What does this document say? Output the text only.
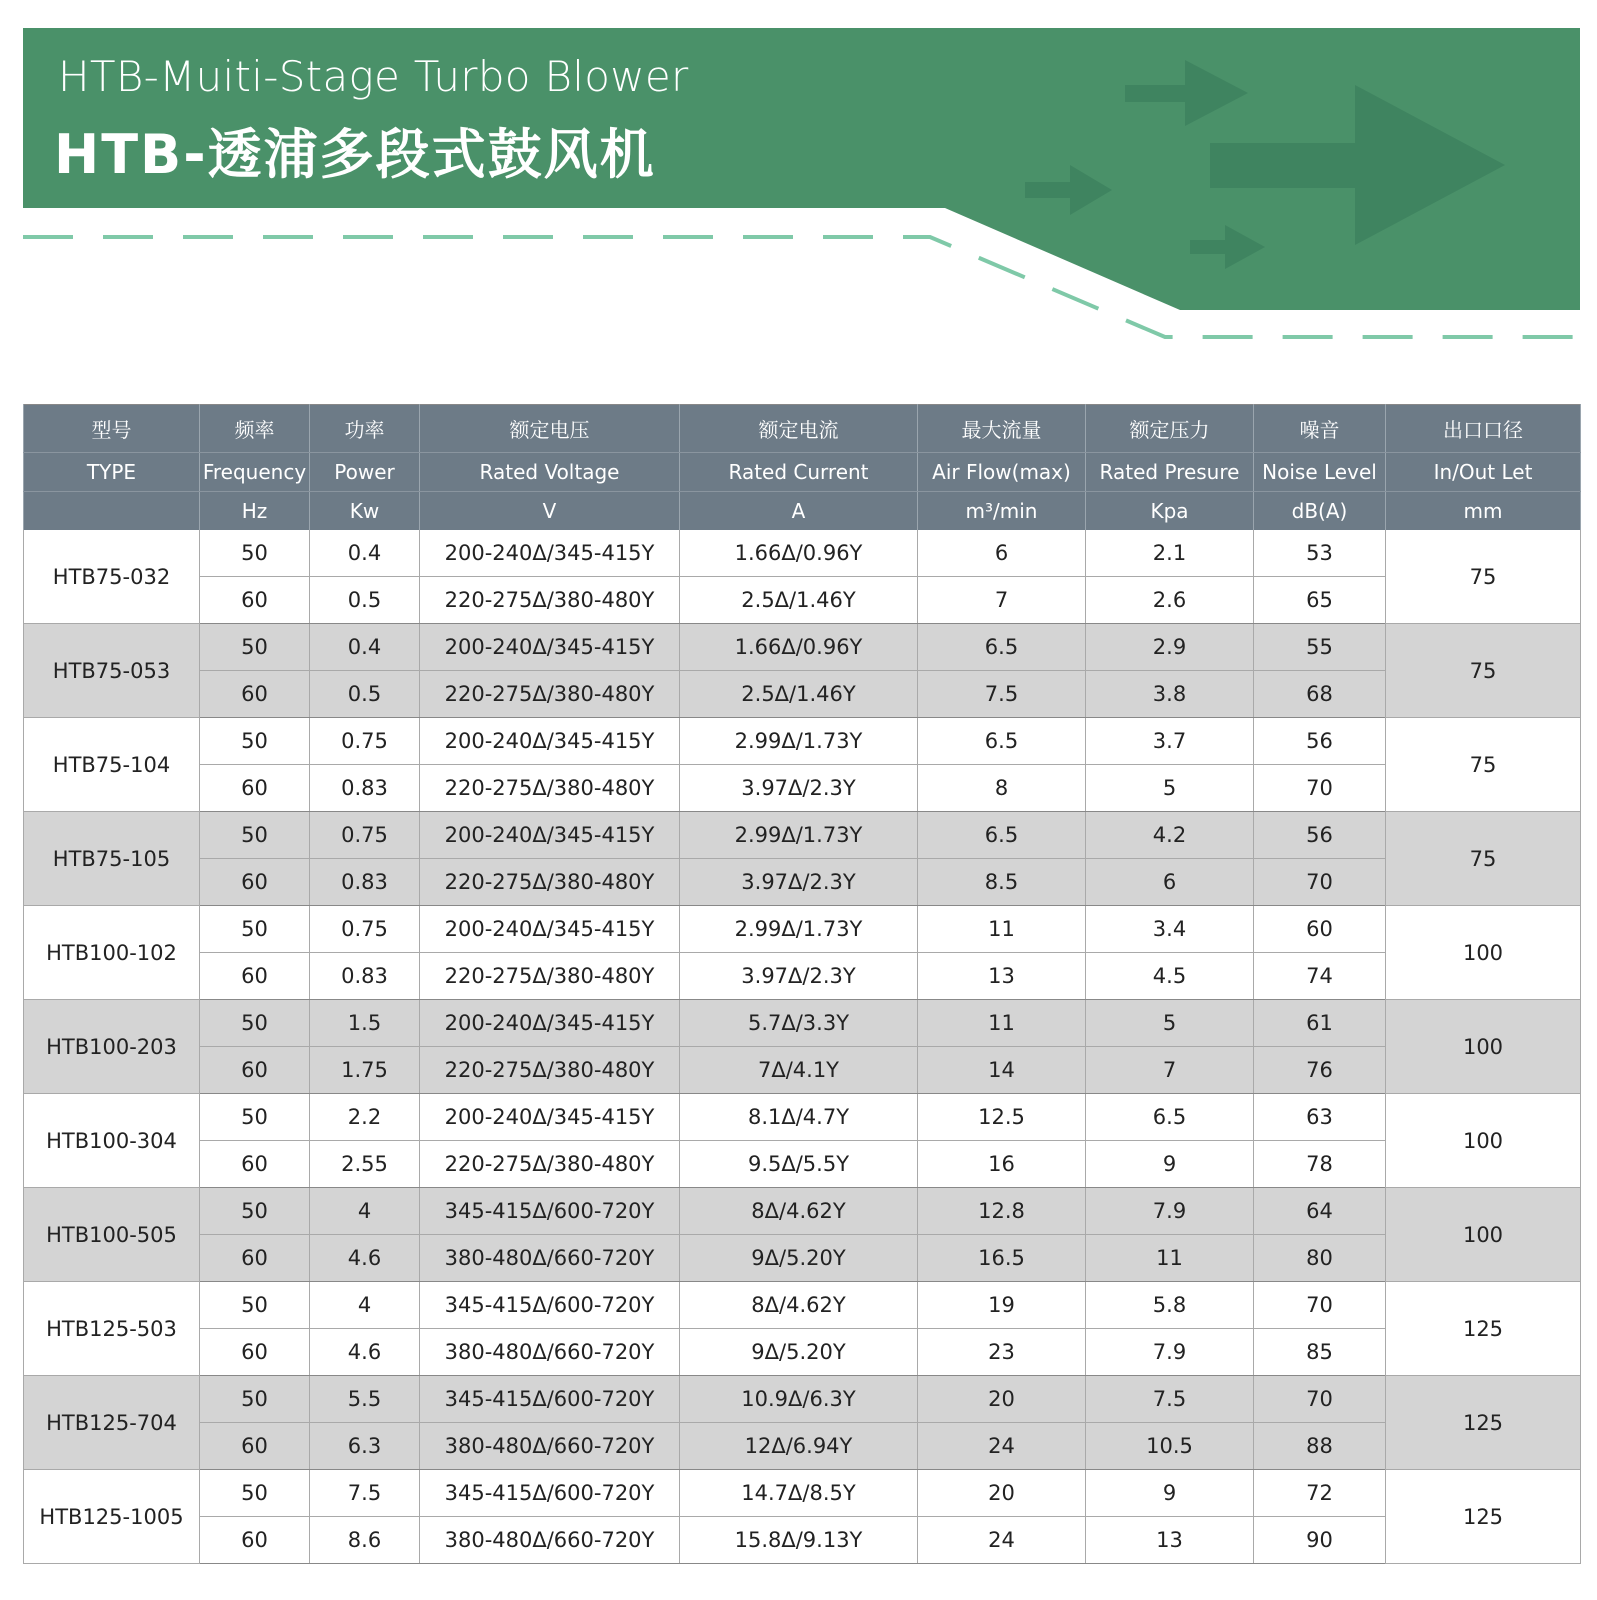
HTB-Muiti-Stage Turbo Blower
HTB-透浦多段式鼓风机
型号	频率	功率	额定电压	额定电流	最大流量	额定压力	噪音	出口口径
TYPE	Frequency	Power	Rated Voltage	Rated Current	Air Flow(max)	Rated Presure	Noise Level	In/Out Let
	Hz	Kw	V	A	m³/min	Kpa	dB(A)	mm
HTB75-032	50	0.4	200-240Δ/345-415Y	1.66Δ/0.96Y	6	2.1	53	75
	60	0.5	220-275Δ/380-480Y	2.5Δ/1.46Y	7	2.6	65	
HTB75-053	50	0.4	200-240Δ/345-415Y	1.66Δ/0.96Y	6.5	2.9	55	75
	60	0.5	220-275Δ/380-480Y	2.5Δ/1.46Y	7.5	3.8	68	
HTB75-104	50	0.75	200-240Δ/345-415Y	2.99Δ/1.73Y	6.5	3.7	56	75
	60	0.83	220-275Δ/380-480Y	3.97Δ/2.3Y	8	5	70	
HTB75-105	50	0.75	200-240Δ/345-415Y	2.99Δ/1.73Y	6.5	4.2	56	75
	60	0.83	220-275Δ/380-480Y	3.97Δ/2.3Y	8.5	6	70	
HTB100-102	50	0.75	200-240Δ/345-415Y	2.99Δ/1.73Y	11	3.4	60	100
	60	0.83	220-275Δ/380-480Y	3.97Δ/2.3Y	13	4.5	74	
HTB100-203	50	1.5	200-240Δ/345-415Y	5.7Δ/3.3Y	11	5	61	100
	60	1.75	220-275Δ/380-480Y	7Δ/4.1Y	14	7	76	
HTB100-304	50	2.2	200-240Δ/345-415Y	8.1Δ/4.7Y	12.5	6.5	63	100
	60	2.55	220-275Δ/380-480Y	9.5Δ/5.5Y	16	9	78	
HTB100-505	50	4	345-415Δ/600-720Y	8Δ/4.62Y	12.8	7.9	64	100
	60	4.6	380-480Δ/660-720Y	9Δ/5.20Y	16.5	11	80	
HTB125-503	50	4	345-415Δ/600-720Y	8Δ/4.62Y	19	5.8	70	125
	60	4.6	380-480Δ/660-720Y	9Δ/5.20Y	23	7.9	85	
HTB125-704	50	5.5	345-415Δ/600-720Y	10.9Δ/6.3Y	20	7.5	70	125
	60	6.3	380-480Δ/660-720Y	12Δ/6.94Y	24	10.5	88	
HTB125-1005	50	7.5	345-415Δ/600-720Y	14.7Δ/8.5Y	20	9	72	125
	60	8.6	380-480Δ/660-720Y	15.8Δ/9.13Y	24	13	90	
